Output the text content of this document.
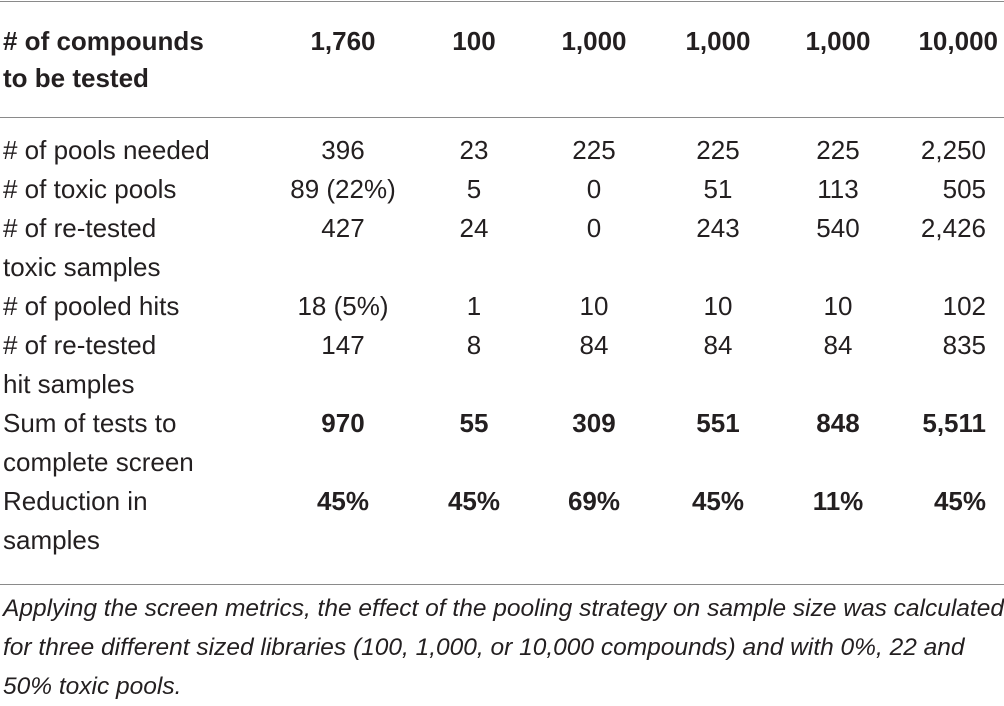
# of compounds
to be tested	1,760	100	1,000	1,000	1,000	10,000

# of pools needed	396	23	225	225	225	2,250
# of toxic pools	89 (22%)	5	0	51	113	505
# of re-tested
toxic samples	427	24	0	243	540	2,426
# of pooled hits	18 (5%)	1	10	10	10	102
# of re-tested
hit samples	147	8	84	84	84	835
Sum of tests to
complete screen	970	55	309	551	848	5,511
Reduction in
samples	45%	45%	69%	45%	11%	45%

Applying the screen metrics, the effect of the pooling strategy on sample size was calculated for three different sized libraries (100, 1,000, or 10,000 compounds) and with 0%, 22 and 50% toxic pools.
